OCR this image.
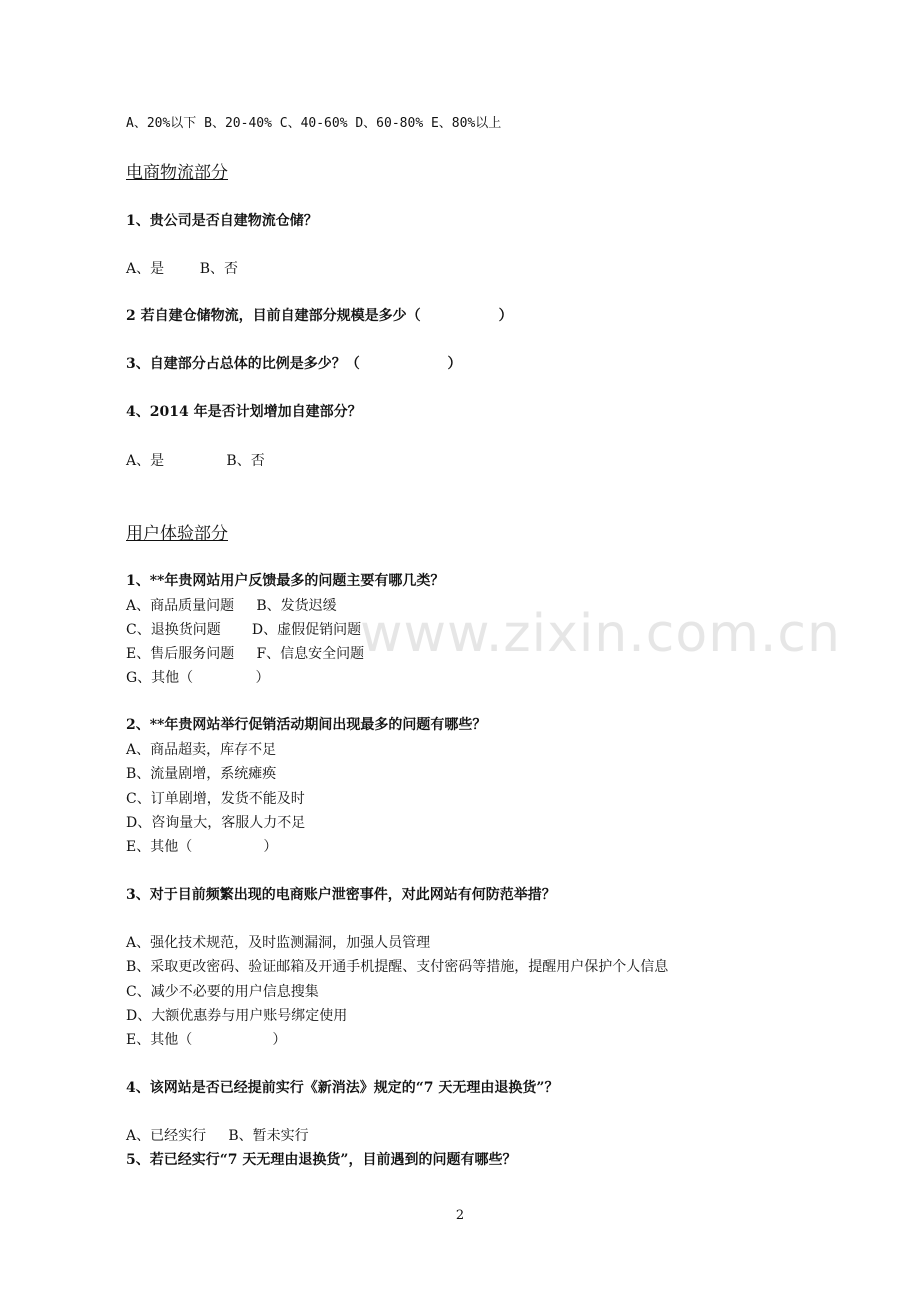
www.zixin.com.cn
A、20%以下 B、20-40% C、40-60% D、60-80% E、80%以上
电商物流部分
1、贵公司是否自建物流仓储？
A、是        B、否
2 若自建仓储物流，目前自建部分规模是多少（                ）
3、自建部分占总体的比例是多少？（                  ）
4、2014 年是否计划增加自建部分？
A、是              B、否
用户体验部分
1、**年贵网站用户反馈最多的问题主要有哪几类？
A、商品质量问题     B、发货迟缓
C、退换货问题       D、虚假促销问题
E、售后服务问题     F、信息安全问题
G、其他（              ）
2、**年贵网站举行促销活动期间出现最多的问题有哪些？
A、商品超卖，库存不足
B、流量剧增，系统瘫痪
C、订单剧增，发货不能及时
D、咨询量大，客服人力不足
E、其他（                ）
3、对于目前频繁出现的电商账户泄密事件，对此网站有何防范举措？
A、强化技术规范，及时监测漏洞，加强人员管理
B、采取更改密码、验证邮箱及开通手机提醒、支付密码等措施，提醒用户保护个人信息
C、减少不必要的用户信息搜集
D、大额优惠券与用户账号绑定使用
E、其他（                  ）
4、该网站是否已经提前实行《新消法》规定的“7 天无理由退换货”？
A、已经实行     B、暂未实行
5、若已经实行“7 天无理由退换货”，目前遇到的问题有哪些？
2
